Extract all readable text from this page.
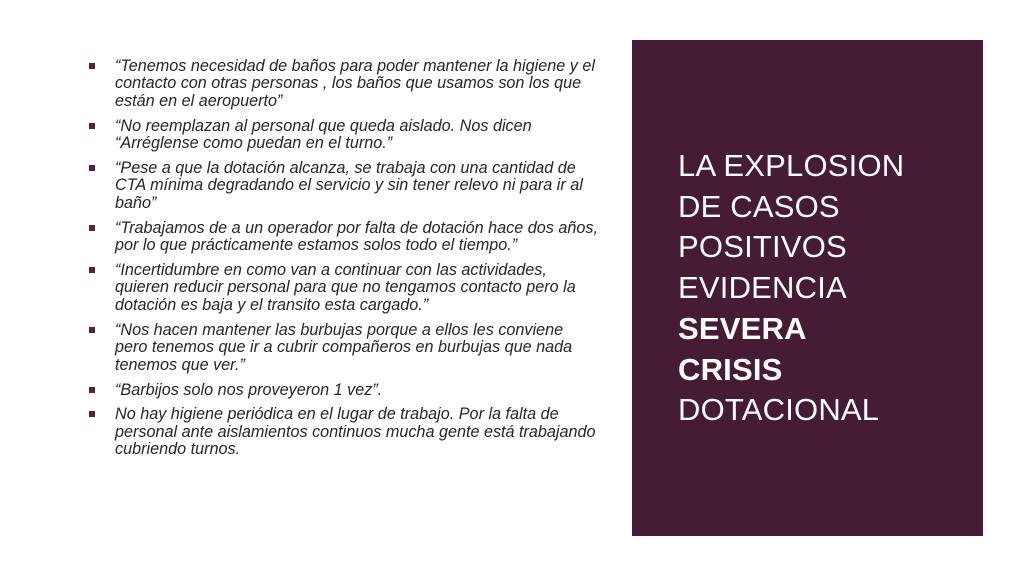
“Tenemos necesidad de baños para poder mantener la higiene y el contacto con otras personas , los baños que usamos son los que están en el aeropuerto”
“No reemplazan al personal que queda aislado. Nos dicen “Arréglense como puedan en el turno.”
“Pese a que la dotación alcanza, se trabaja con una cantidad de CTA mínima degradando el servicio y sin tener relevo ni para ir al baño”
“Trabajamos de a un operador por falta de dotación hace dos años, por lo que prácticamente estamos solos todo el tiempo.”
“Incertidumbre en como van a continuar con las actividades, quieren reducir personal para que no tengamos contacto pero la dotación es baja y el transito esta cargado.”
“Nos hacen mantener las burbujas porque a ellos les conviene pero tenemos que ir a cubrir compañeros en burbujas que nada tenemos que ver.”
“Barbijos solo nos proveyeron 1 vez”.
No hay higiene periódica en el lugar de trabajo. Por la falta de personal ante aislamientos continuos mucha gente está trabajando cubriendo turnos.
LA EXPLOSION
DE CASOS
POSITIVOS
EVIDENCIA
SEVERA
CRISIS
DOTACIONAL
